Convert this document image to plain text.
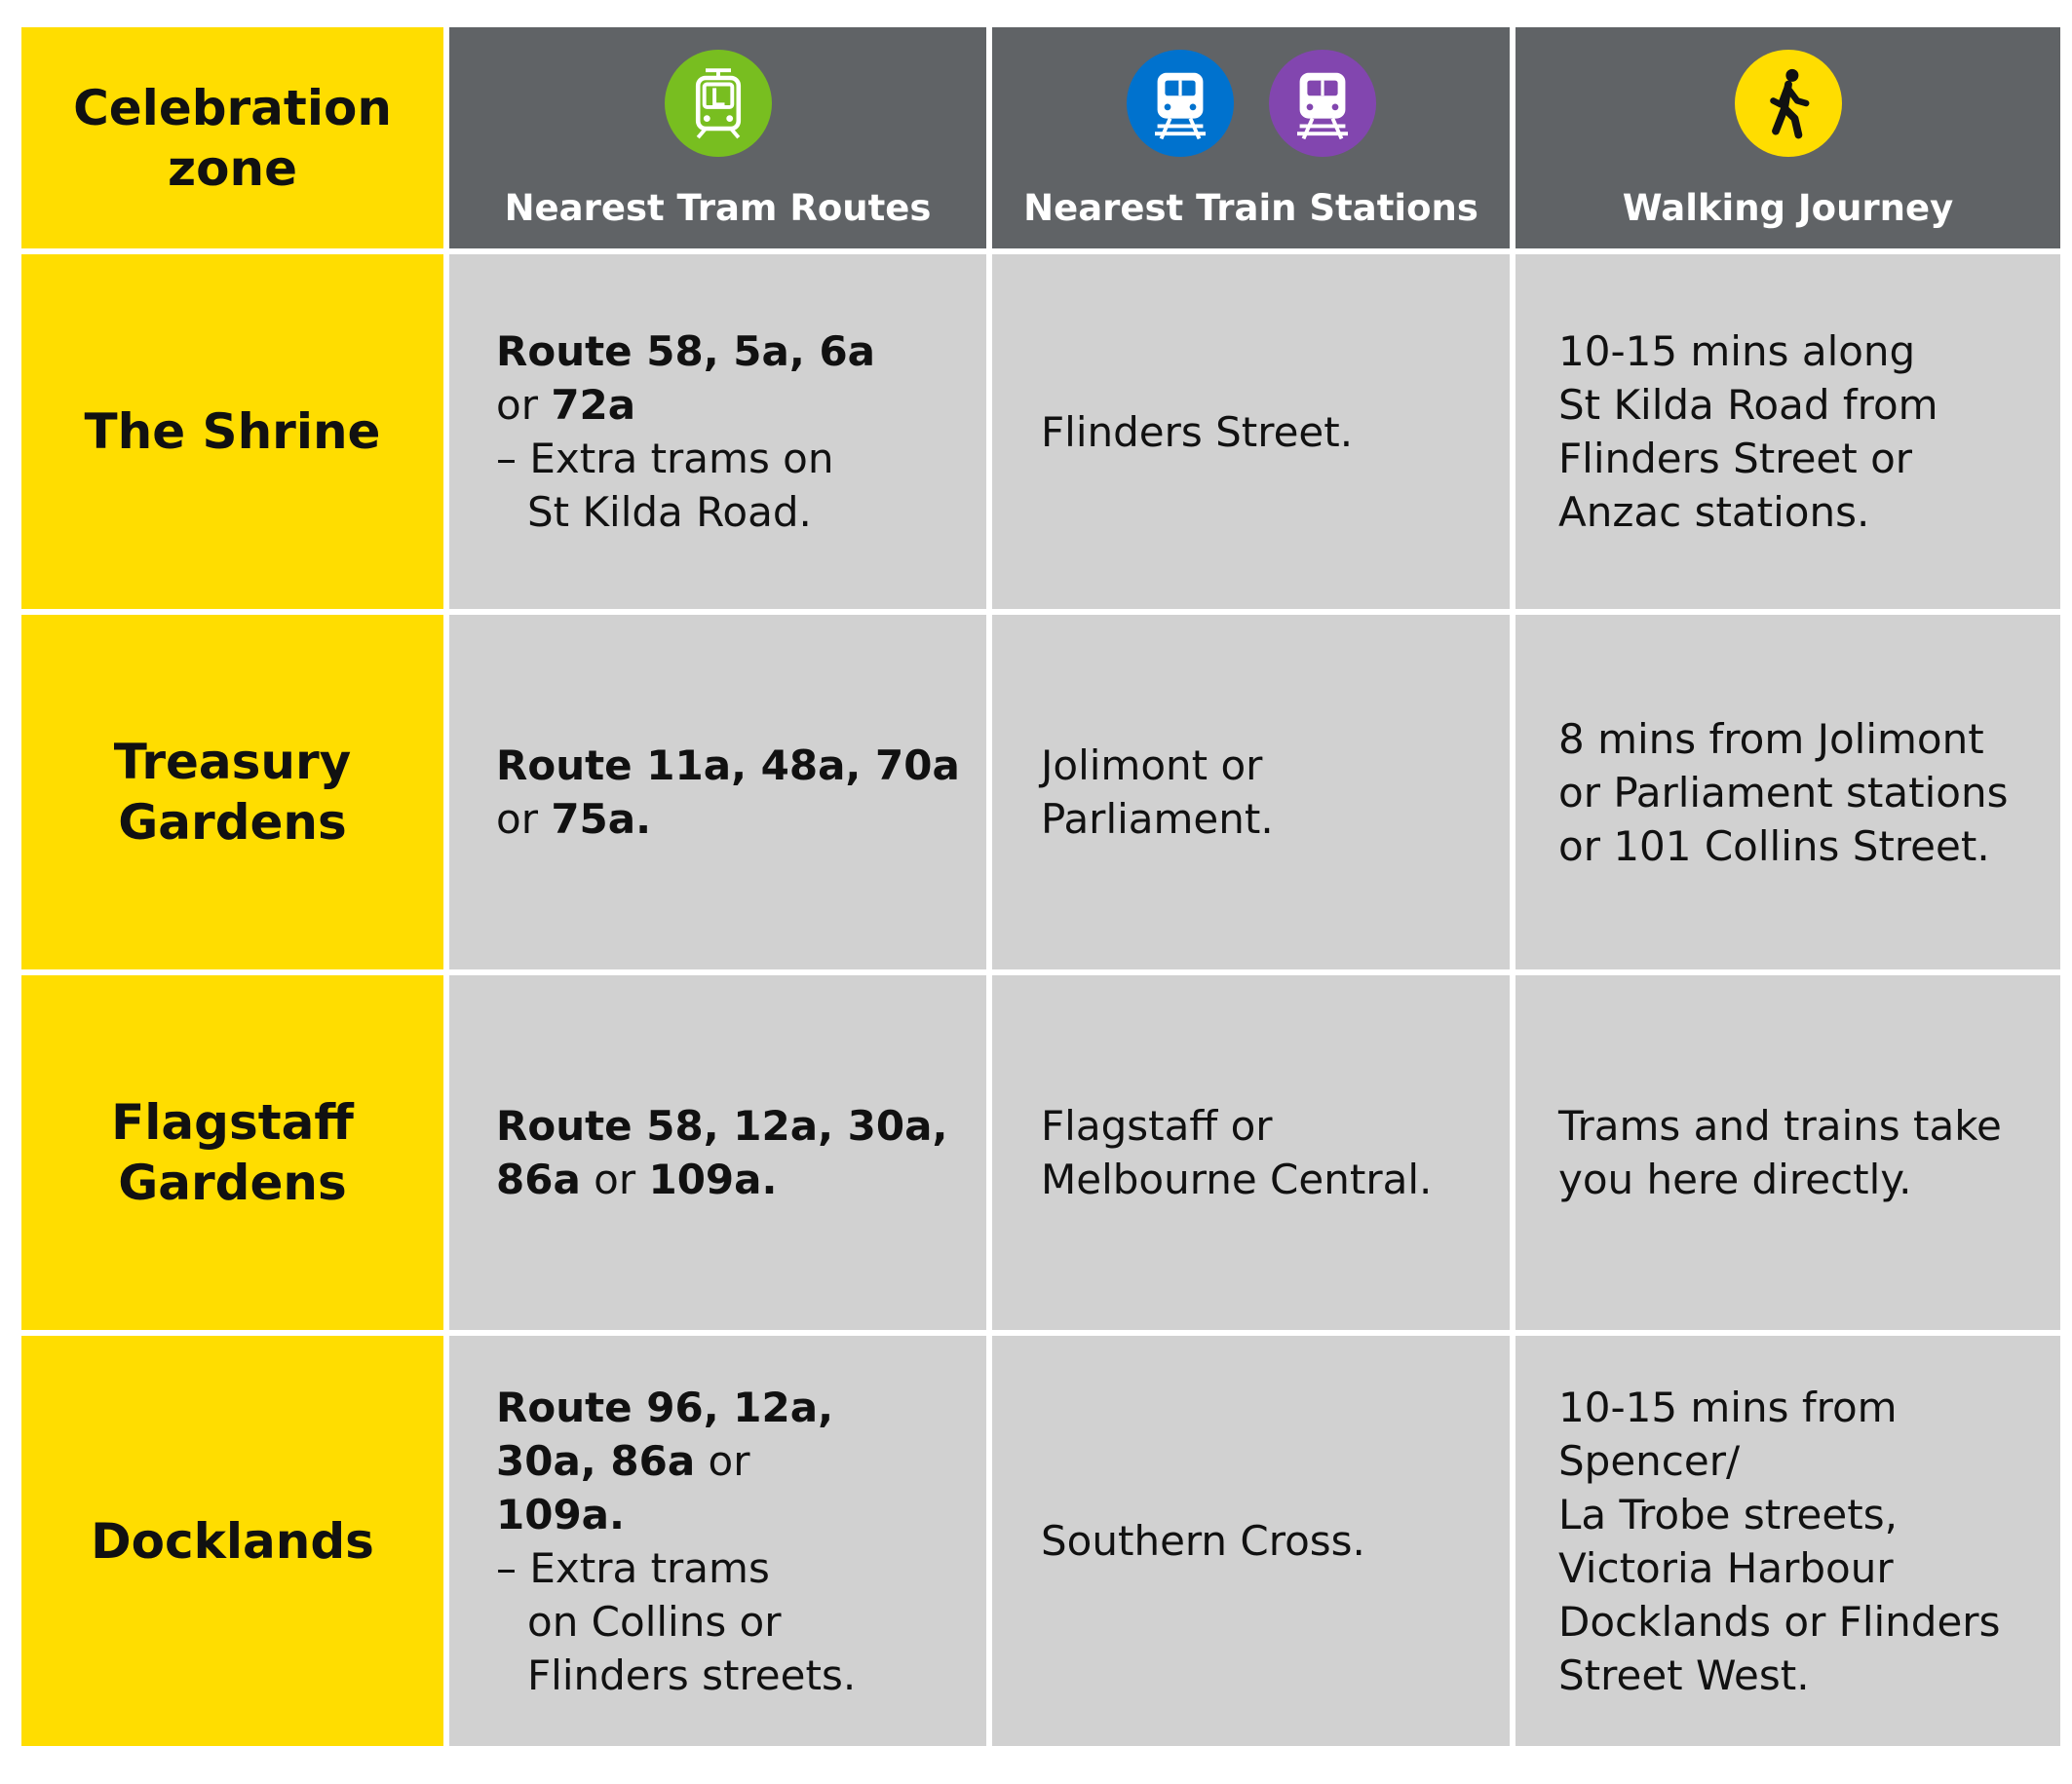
Celebration
zone
Nearest Tram Routes	Nearest Train Stations	Walking Journey
The Shrine
Route 58, 5a, 6a
or 72a
– Extra trams on
St Kilda Road.
Flinders Street.
10-15 mins along
St Kilda Road from
Flinders Street or
Anzac stations.
Treasury
Gardens
Route 11a, 48a, 70a
or 75a.
Jolimont or
Parliament.
8 mins from Jolimont
or Parliament stations
or 101 Collins Street.
Flagstaff
Gardens
Route 58, 12a, 30a,
86a or 109a.
Flagstaff or
Melbourne Central.
Trams and trains take
you here directly.
Docklands
Route 96, 12a,
30a, 86a or
109a.
– Extra trams
on Collins or
Flinders streets.
Southern Cross.
10-15 mins from
Spencer/
La Trobe streets,
Victoria Harbour
Docklands or Flinders
Street West.
